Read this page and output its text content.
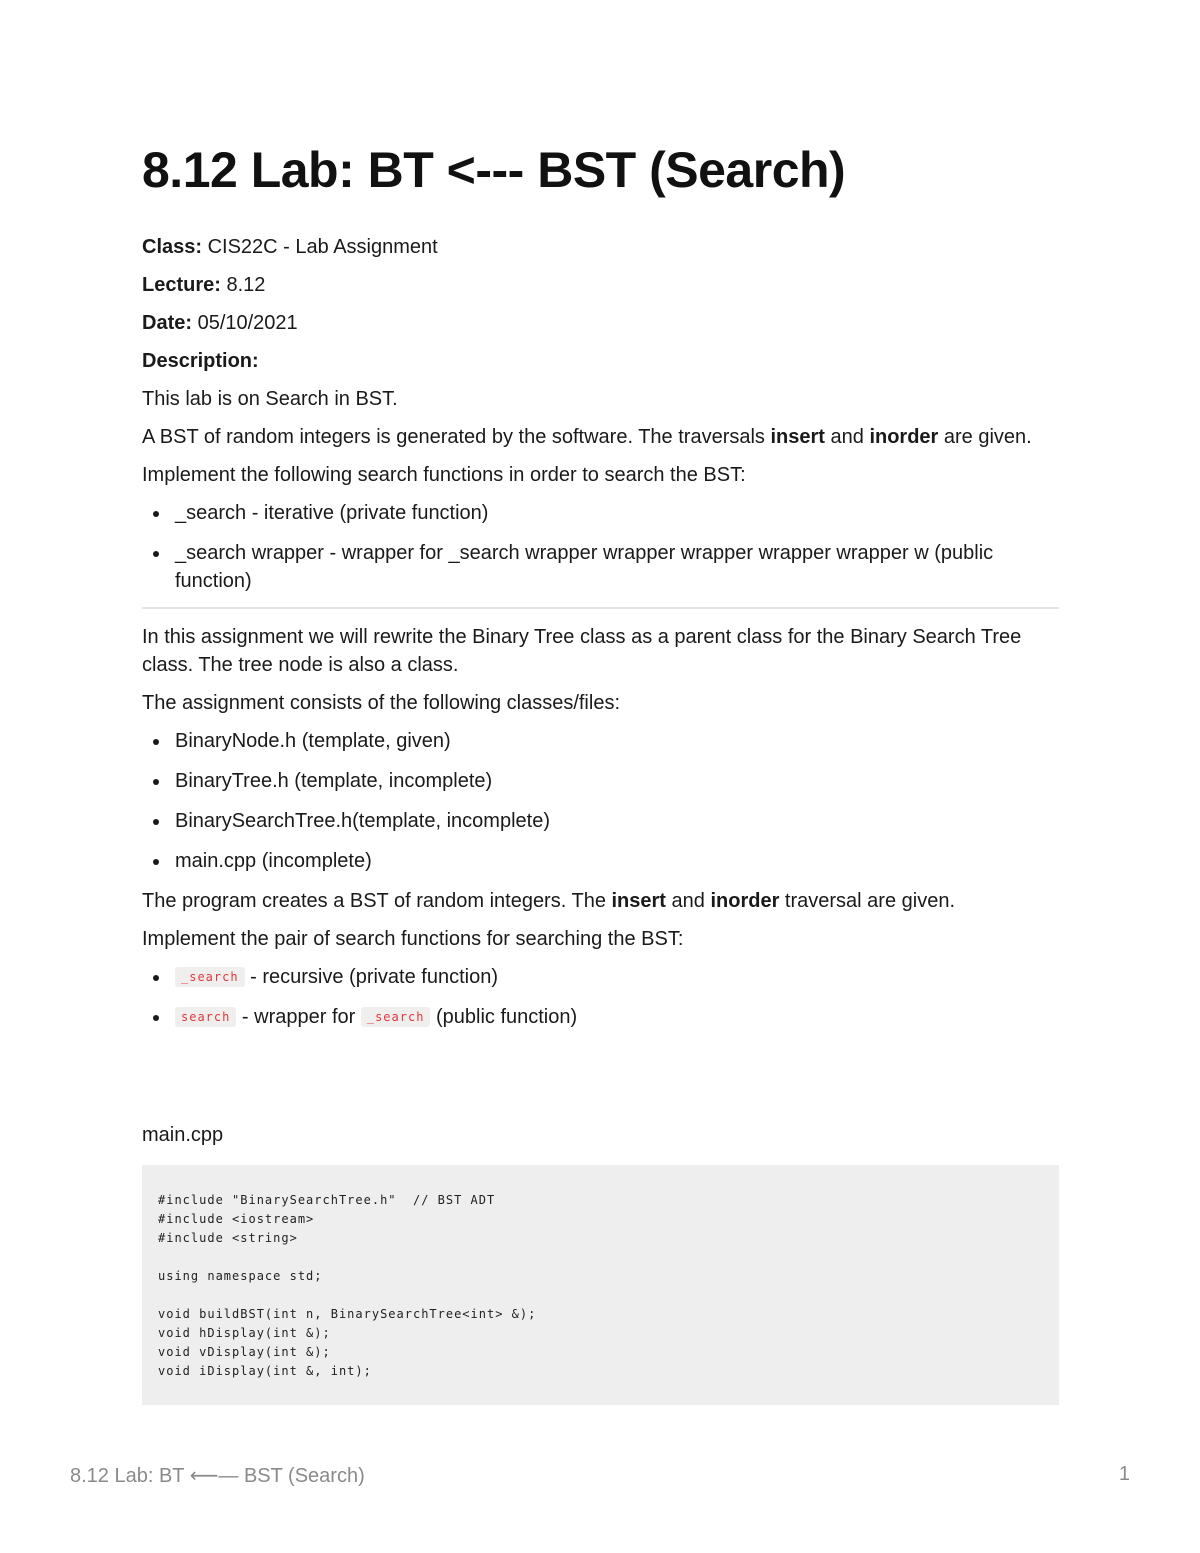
8.12 Lab: BT <--- BST (Search)

Class: CIS22C - Lab Assignment

Lecture: 8.12

Date: 05/10/2021

Description:

This lab is on Search in BST.

A BST of random integers is generated by the software. The traversals insert and inorder are given.

Implement the following search functions in order to search the BST:

_search - iterative (private function)
_search wrapper - wrapper for _search wrapper wrapper wrapper wrapper wrapper w (public function)

In this assignment we will rewrite the Binary Tree class as a parent class for the Binary Search Tree class. The tree node is also a class.

The assignment consists of the following classes/files:

BinaryNode.h (template, given)
BinaryTree.h (template, incomplete)
BinarySearchTree.h(template, incomplete)
main.cpp (incomplete)

The program creates a BST of random integers. The insert and inorder traversal are given.

Implement the pair of search functions for searching the BST:

_search - recursive (private function)
search - wrapper for _search (public function)
main.cpp
#include "BinarySearchTree.h"  // BST ADT
#include <iostream>
#include <string>

using namespace std;

void buildBST(int n, BinarySearchTree<int> &);
void hDisplay(int &);
void vDisplay(int &);
void iDisplay(int &, int);
8.12 Lab: BT ⟵— BST (Search)	1
